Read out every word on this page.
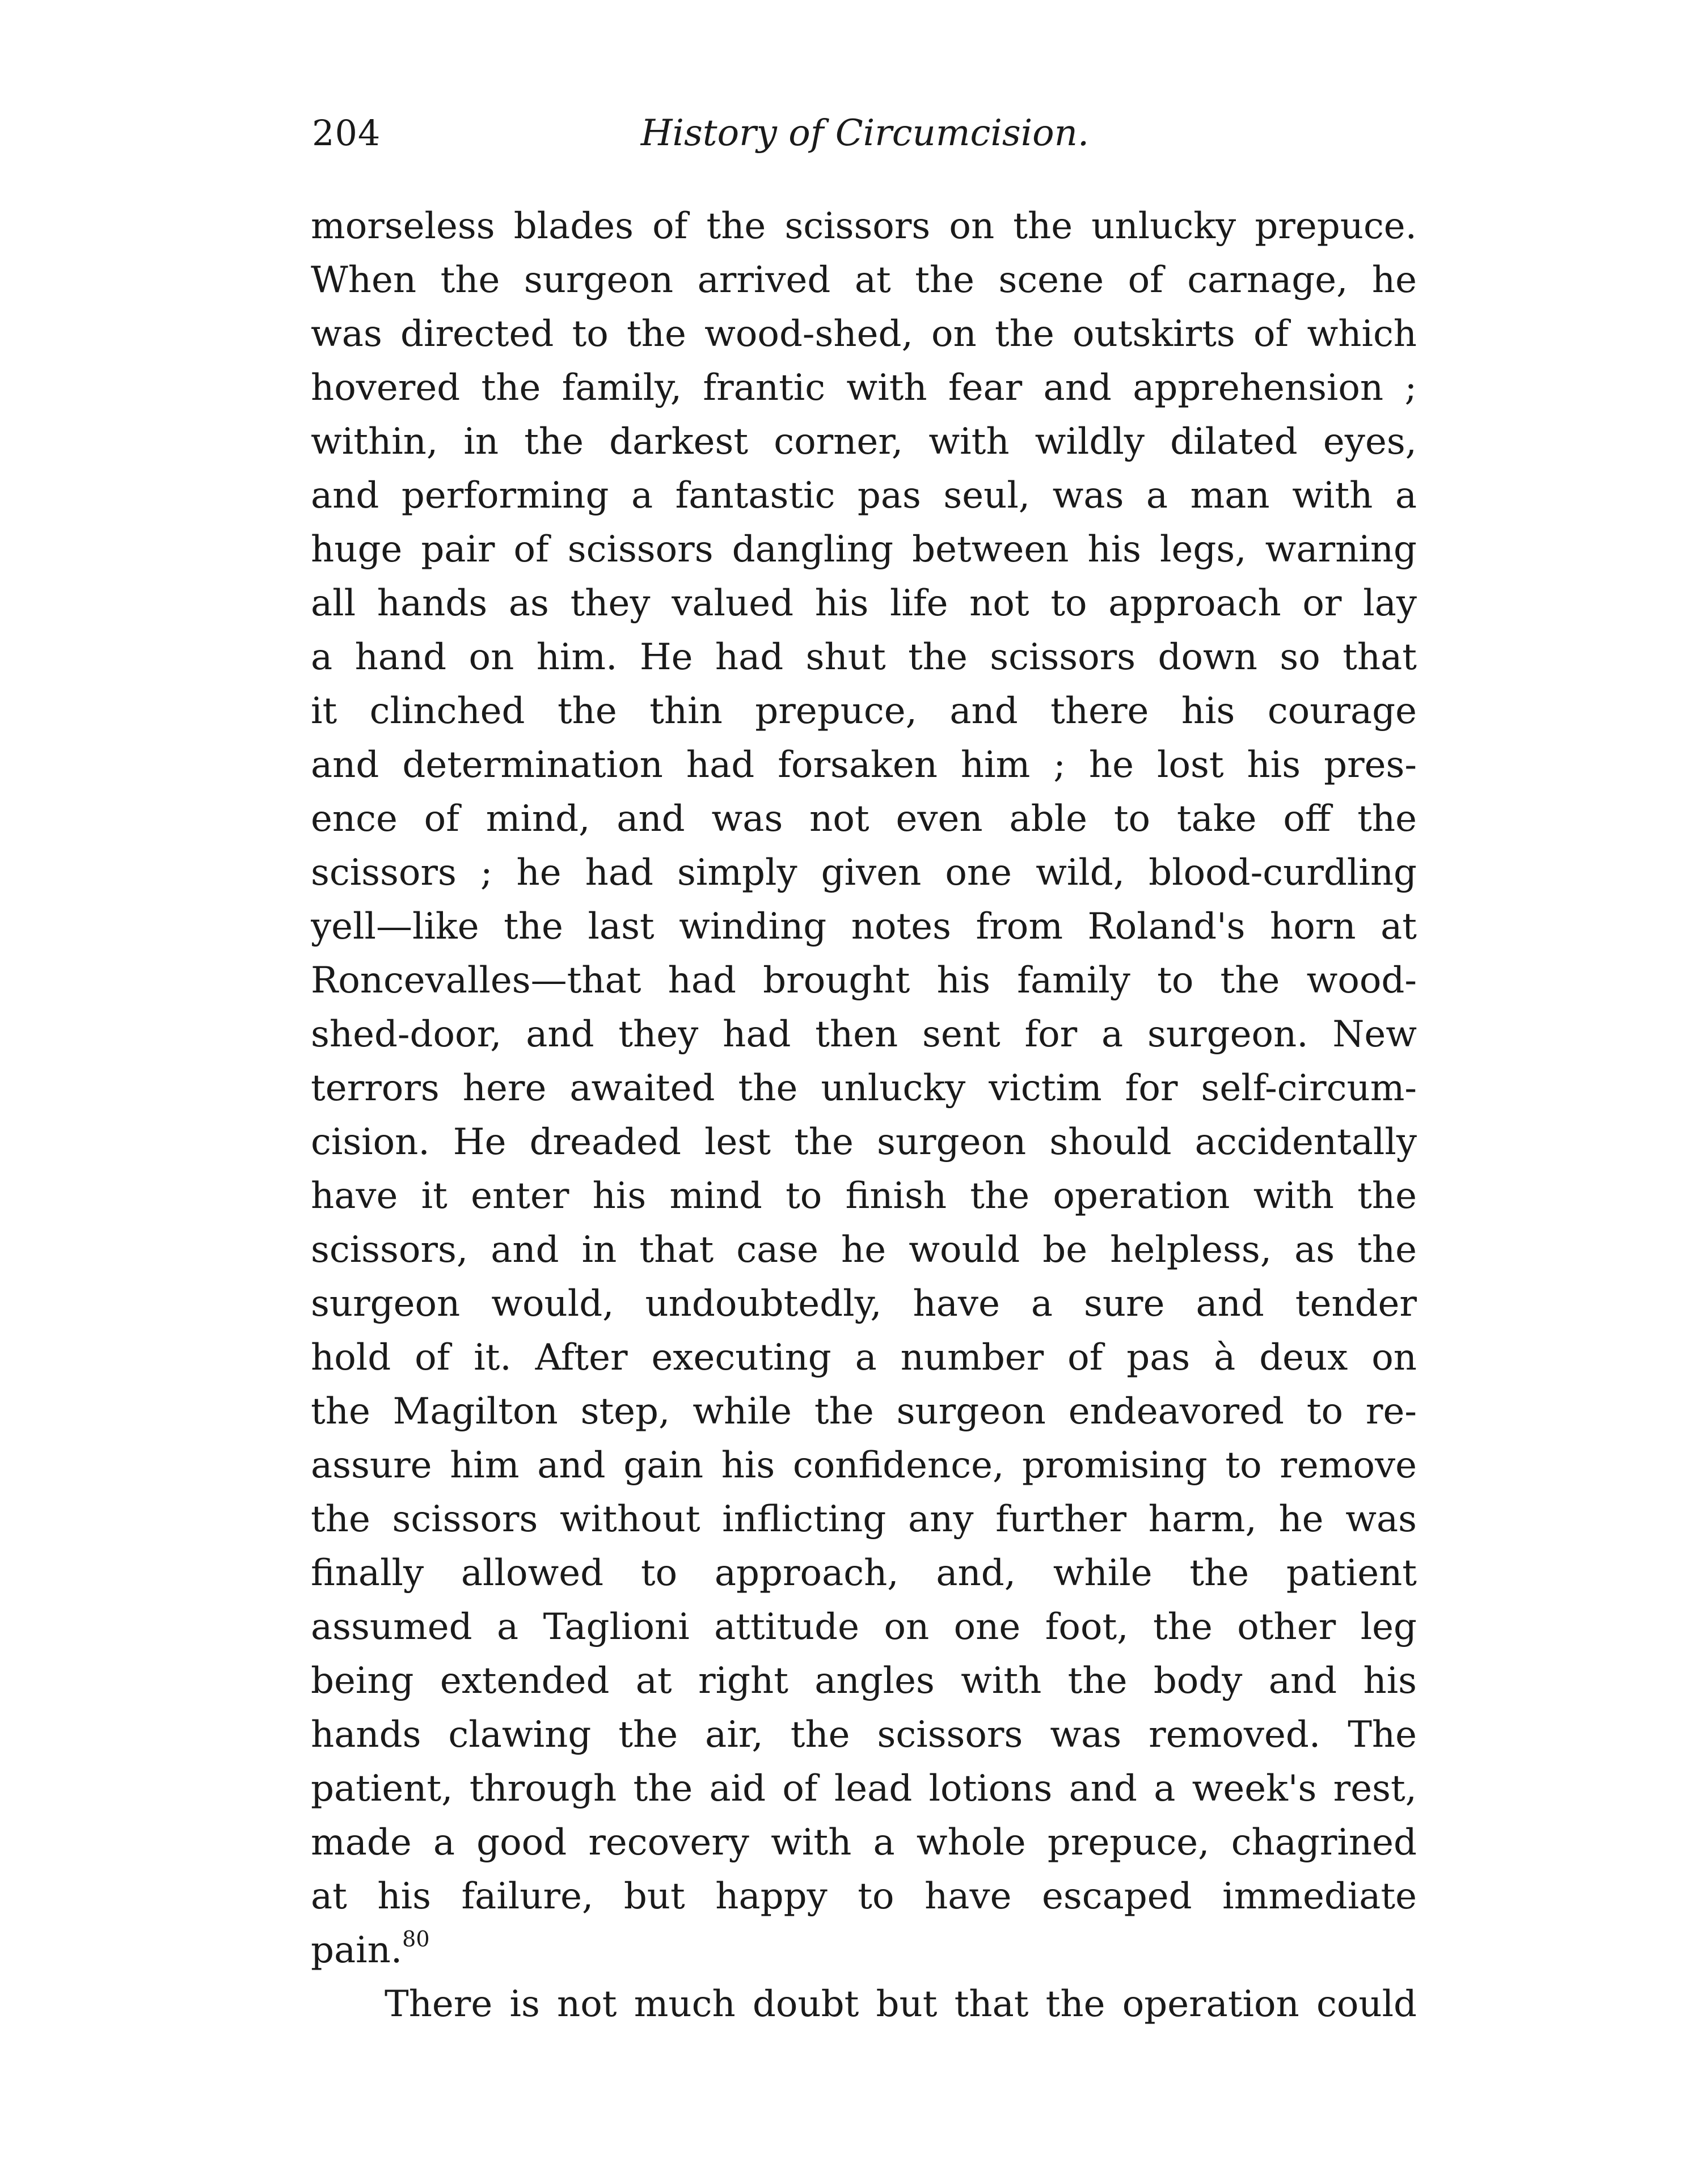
204	History of Circumcision.
morseless blades of the scissors on the unlucky prepuce.
When the surgeon arrived at the scene of carnage, he
was directed to the wood-shed, on the outskirts of which
hovered the family, frantic with fear and apprehension ;
within, in the darkest corner, with wildly dilated eyes,
and performing a fantastic pas seul, was a man with a
huge pair of scissors dangling between his legs, warning
all hands as they valued his life not to approach or lay
a hand on him. He had shut the scissors down so that
it clinched the thin prepuce, and there his courage
and determination had forsaken him ; he lost his pres-
ence of mind, and was not even able to take off the
scissors ; he had simply given one wild, blood-curdling
yell—like the last winding notes from Roland's horn at
Roncevalles—that had brought his family to the wood-
shed-door, and they had then sent for a surgeon. New
terrors here awaited the unlucky victim for self-circum-
cision. He dreaded lest the surgeon should accidentally
have it enter his mind to finish the operation with the
scissors, and in that case he would be helpless, as the
surgeon would, undoubtedly, have a sure and tender
hold of it. After executing a number of pas à deux on
the Magilton step, while the surgeon endeavored to re-
assure him and gain his confidence, promising to remove
the scissors without inflicting any further harm, he was
finally allowed to approach, and, while the patient
assumed a Taglioni attitude on one foot, the other leg
being extended at right angles with the body and his
hands clawing the air, the scissors was removed. The
patient, through the aid of lead lotions and a week's rest,
made a good recovery with a whole prepuce, chagrined
at his failure, but happy to have escaped immediate
pain.$^{80}$
There is not much doubt but that the operation could
